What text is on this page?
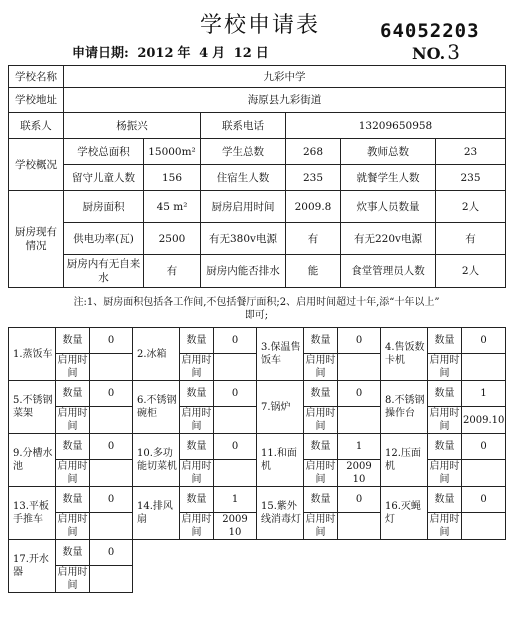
学校申请表	64052203
NO. 3
申请日期: 2012 年 4 月 12 日
学校名称	九彩中学					
学校地址	海原县九彩街道					
联系人	杨振兴		联系电话	13209650958		
学校概况	学校总面积	15000m²	学生总数	268	教师总数	23
	留守儿童人数	156	住宿生人数	235	就餐学生人数	235
厨房现有情况	厨房面积	45 m²	厨房启用时间	2009.8	炊事人员数量	2人
	供电功率(瓦)	2500	有无380v电源	有	有无220v电源	有
	厨房内有无自来水	有	厨房内能否排水	能	食堂管理员人数	2人
注:1、厨房面积包括各工作间,不包括餐厅面积;2、启用时间超过十年,添“十年以上”
即可;
1.蒸饭车	数量	0	2.冰箱	数量	0	3.保温售饭车	数量	0	4.售饭数卡机	数量	0
	启用时间			启用时间			启用时间			启用时间	
5.不锈钢菜架	数量	0	6.不锈钢碗柜	数量	0	7.锅炉	数量	0	8.不锈钢操作台	数量	1
	启用时间			启用时间			启用时间			启用时间	2009.10
9.分槽水池	数量	0	10.多功能切菜机	数量	0	11.和面机	数量	1	12.压面机	数量	0
	启用时间			启用时间			启用时间	2009 10		启用时间	
13.平板手推车	数量	0	14.排风扇	数量	1	15.紫外线消毒灯	数量	0	16.灭蝇灯	数量	0
	启用时间			启用时间	2009 10		启用时间			启用时间	
17.开水器	数量	0									
	启用时间										
